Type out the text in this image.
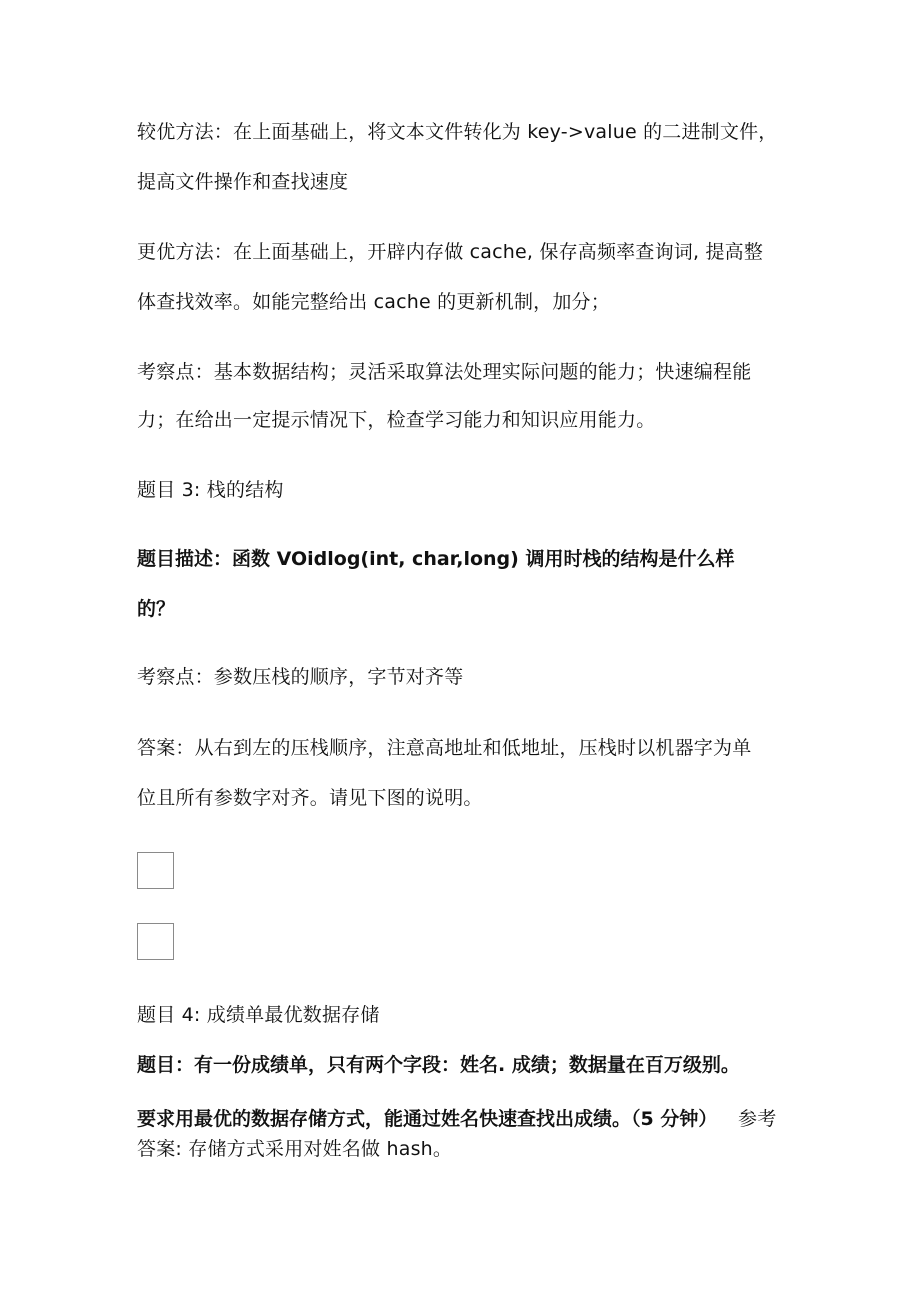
较优方法：在上面基础上，将文本文件转化为 key->value 的二进制文件，
提高文件操作和查找速度
更优方法：在上面基础上，开辟内存做 cache, 保存高频率查询词, 提高整
体查找效率。如能完整给出 cache 的更新机制，加分；
考察点：基本数据结构；灵活采取算法处理实际问题的能力；快速编程能
力；在给出一定提示情况下，检查学习能力和知识应用能力。
题目 3: 栈的结构
题目描述：函数 VOidlog(int, char,long) 调用时栈的结构是什么样
的？
考察点：参数压栈的顺序，字节对齐等
答案：从右到左的压栈顺序，注意高地址和低地址，压栈时以机器字为单
位且所有参数字对齐。请见下图的说明。
题目 4: 成绩单最优数据存储
题目：有一份成绩单，只有两个字段：姓名. 成绩；数据量在百万级别。
要求用最优的数据存储方式，能通过姓名快速查找出成绩。（5 分钟） 参考
答案: 存储方式采用对姓名做 hash。
